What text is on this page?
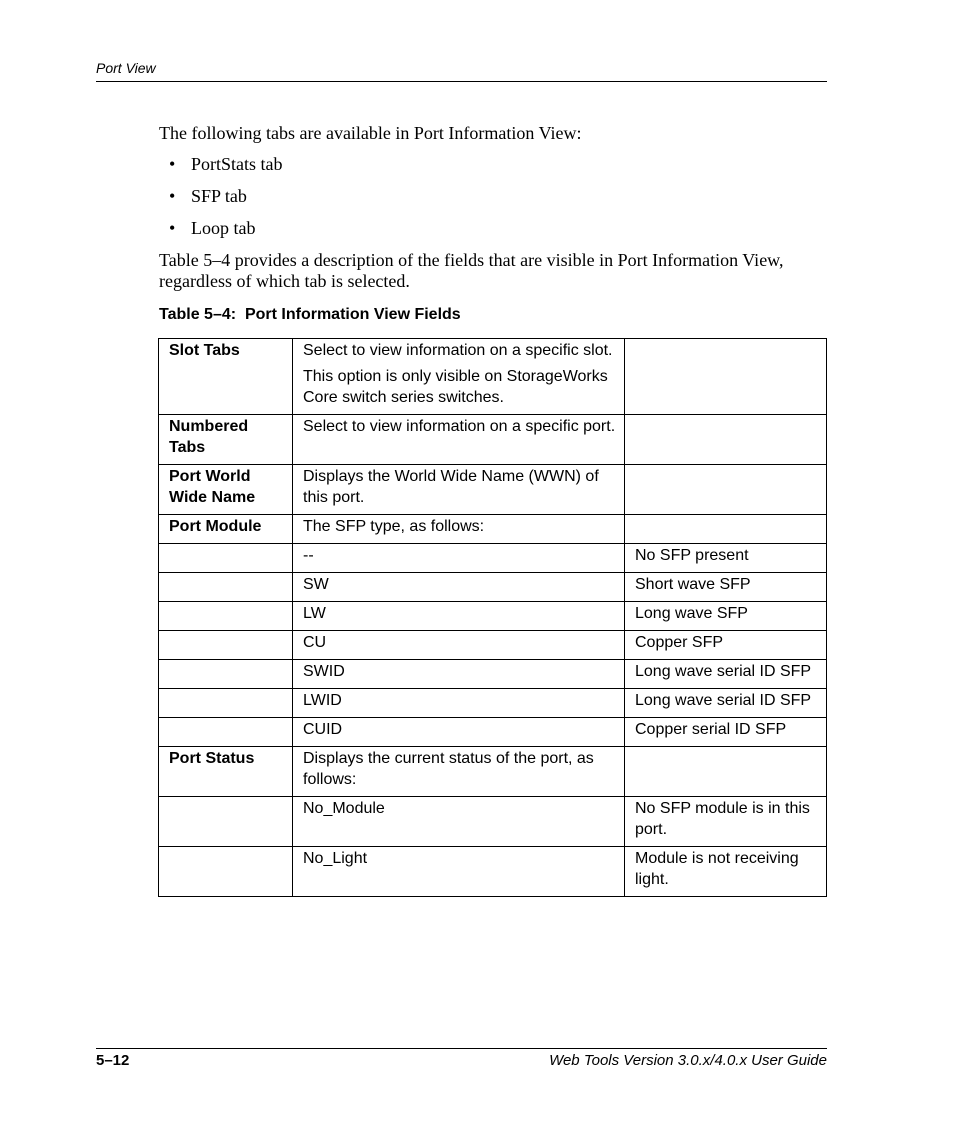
Port View
The following tabs are available in Port Information View:
• PortStats tab
• SFP tab
• Loop tab
Table 5–4 provides a description of the fields that are visible in Port Information View, regardless of which tab is selected.
Table 5–4:  Port Information View Fields
Slot Tabs	Select to view information on a specific slot.

This option is only visible on StorageWorks Core switch series switches.	

Numbered Tabs	Select to view information on a specific port.	

Port World Wide Name	Displays the World Wide Name (WWN) of this port.	

Port Module	The SFP type, as follows:	

	--	No SFP present

	SW	Short wave SFP

	LW	Long wave SFP

	CU	Copper SFP

	SWID	Long wave serial ID SFP

	LWID	Long wave serial ID SFP

	CUID	Copper serial ID SFP
Port Status	Displays the current status of the port, as follows:	

	No_Module	No SFP module is in this port.

	No_Light	Module is not receiving light.
5–12	Web Tools Version 3.0.x/4.0.x User Guide
